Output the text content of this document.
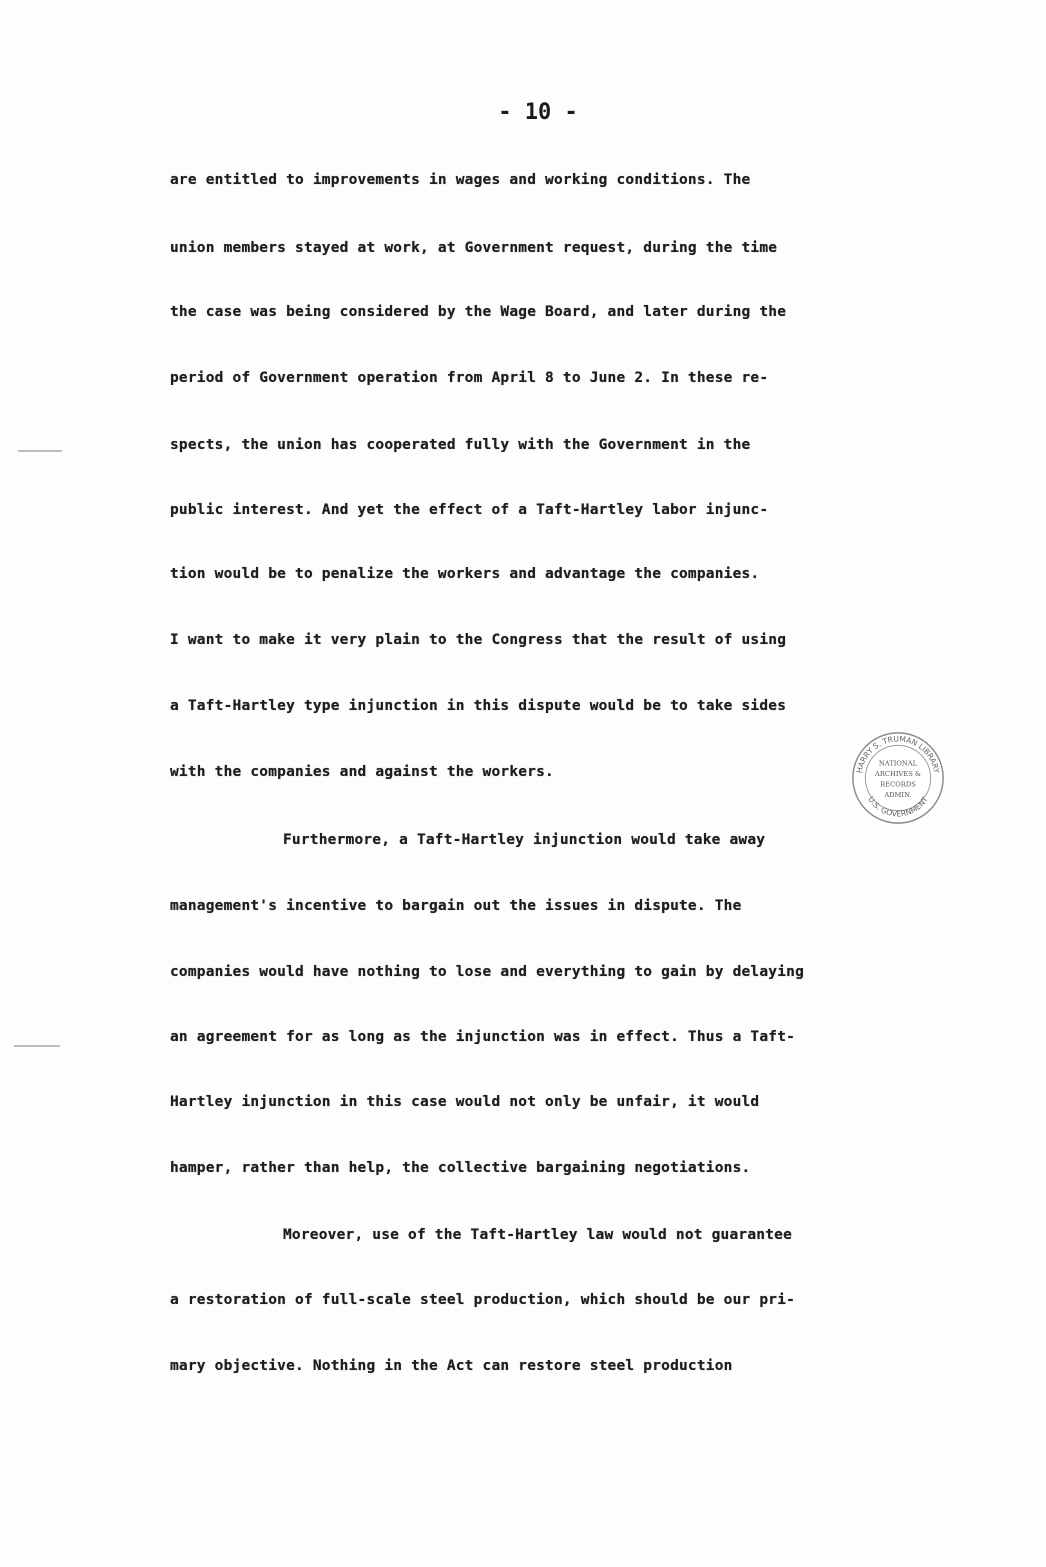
- 10 -
are entitled to improvements in wages and working conditions. The
union members stayed at work, at Government request, during the time
the case was being considered by the Wage Board, and later during the
period of Government operation from April 8 to June 2. In these re-
spects, the union has cooperated fully with the Government in the
public interest. And yet the effect of a Taft-Hartley labor injunc-
tion would be to penalize the workers and advantage the companies.
I want to make it very plain to the Congress that the result of using
a Taft-Hartley type injunction in this dispute would be to take sides
with the companies and against the workers.
Furthermore, a Taft-Hartley injunction would take away
management's incentive to bargain out the issues in dispute. The
companies would have nothing to lose and everything to gain by delaying
an agreement for as long as the injunction was in effect. Thus a Taft-
Hartley injunction in this case would not only be unfair, it would
hamper, rather than help, the collective bargaining negotiations.
Moreover, use of the Taft-Hartley law would not guarantee
a restoration of full-scale steel production, which should be our pri-
mary objective. Nothing in the Act can restore steel production
HARRY S. TRUMAN LIBRARY
U.S. GOVERNMENT
NATIONAL
ARCHIVES &
RECORDS
ADMIN.
